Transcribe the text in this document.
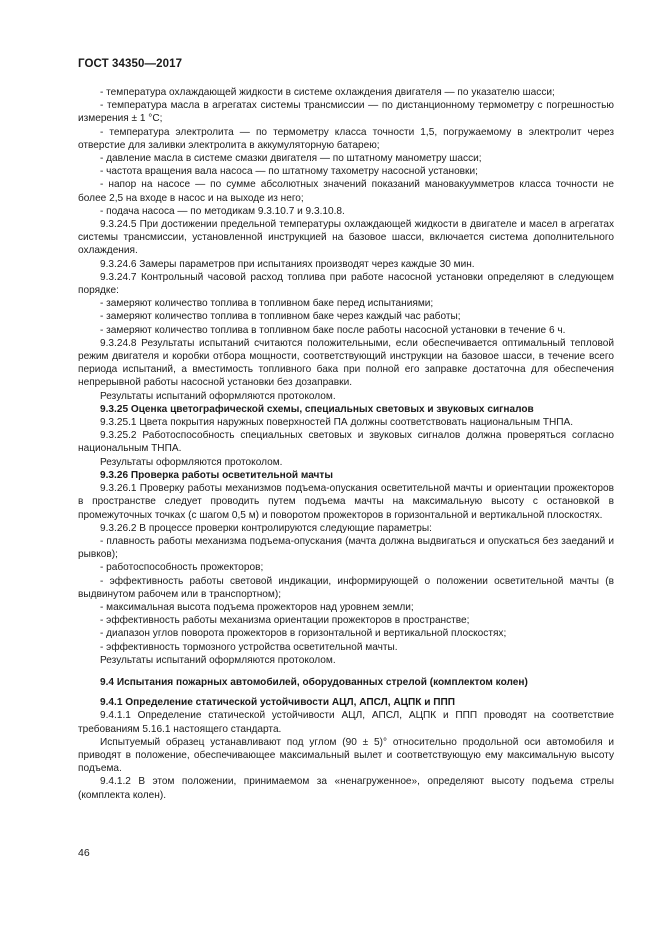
ГОСТ 34350—2017

- температура охлаждающей жидкости в системе охлаждения двигателя — по указателю шасси;

- температура масла в агрегатах системы трансмиссии — по дистанционному термометру с погрешностью измерения ± 1 °С;

- температура электролита — по термометру класса точности 1,5, погружаемому в электролит через отверстие для заливки электролита в аккумуляторную батарею;

- давление масла в системе смазки двигателя — по штатному манометру шасси;

- частота вращения вала насоса — по штатному тахометру насосной установки;

- напор на насосе — по сумме абсолютных значений показаний мановакуумметров класса точности не более 2,5 на входе в насос и на выходе из него;

- подача насоса — по методикам 9.3.10.7 и 9.3.10.8.

9.3.24.5 При достижении предельной температуры охлаждающей жидкости в двигателе и масел в агрегатах системы трансмиссии, установленной инструкцией на базовое шасси, включается система дополнительного охлаждения.

9.3.24.6 Замеры параметров при испытаниях производят через каждые 30 мин.

9.3.24.7 Контрольный часовой расход топлива при работе насосной установки определяют в следующем порядке:

- замеряют количество топлива в топливном баке перед испытаниями;

- замеряют количество топлива в топливном баке через каждый час работы;

- замеряют количество топлива в топливном баке после работы насосной установки в течение 6 ч.

9.3.24.8 Результаты испытаний считаются положительными, если обеспечивается оптимальный тепловой режим двигателя и коробки отбора мощности, соответствующий инструкции на базовое шасси, в течение всего периода испытаний, а вместимость топливного бака при полной его заправке достаточна для обеспечения непрерывной работы насосной установки без дозаправки.

Результаты испытаний оформляются протоколом.

9.3.25 Оценка цветографической схемы, специальных световых и звуковых сигналов

9.3.25.1 Цвета покрытия наружных поверхностей ПА должны соответствовать национальным ТНПА.

9.3.25.2 Работоспособность специальных световых и звуковых сигналов должна проверяться согласно национальным ТНПА.

Результаты оформляются протоколом.

9.3.26 Проверка работы осветительной мачты

9.3.26.1 Проверку работы механизмов подъема-опускания осветительной мачты и ориентации прожекторов в пространстве следует проводить путем подъема мачты на максимальную высоту с остановкой в промежуточных точках (с шагом 0,5 м) и поворотом прожекторов в горизонтальной и вертикальной плоскостях.

9.3.26.2 В процессе проверки контролируются следующие параметры:

- плавность работы механизма подъема-опускания (мачта должна выдвигаться и опускаться без заеданий и рывков);

- работоспособность прожекторов;

- эффективность работы световой индикации, информирующей о положении осветительной мачты (в выдвинутом рабочем или в транспортном);

- максимальная высота подъема прожекторов над уровнем земли;

- эффективность работы механизма ориентации прожекторов в пространстве;

- диапазон углов поворота прожекторов в горизонтальной и вертикальной плоскостях;

- эффективность тормозного устройства осветительной мачты.

Результаты испытаний оформляются протоколом.

9.4 Испытания пожарных автомобилей, оборудованных стрелой (комплектом колен)

9.4.1 Определение статической устойчивости АЦЛ, АПСЛ, АЦПК и ППП

9.4.1.1 Определение статической устойчивости АЦЛ, АПСЛ, АЦПК и ППП проводят на соответствие требованиям 5.16.1 настоящего стандарта.

Испытуемый образец устанавливают под углом (90 ± 5)° относительно продольной оси автомобиля и приводят в положение, обеспечивающее максимальный вылет и соответствующую ему максимальную высоту подъема.

9.4.1.2 В этом положении, принимаемом за «ненагруженное», определяют высоту подъема стрелы (комплекта колен).

46
